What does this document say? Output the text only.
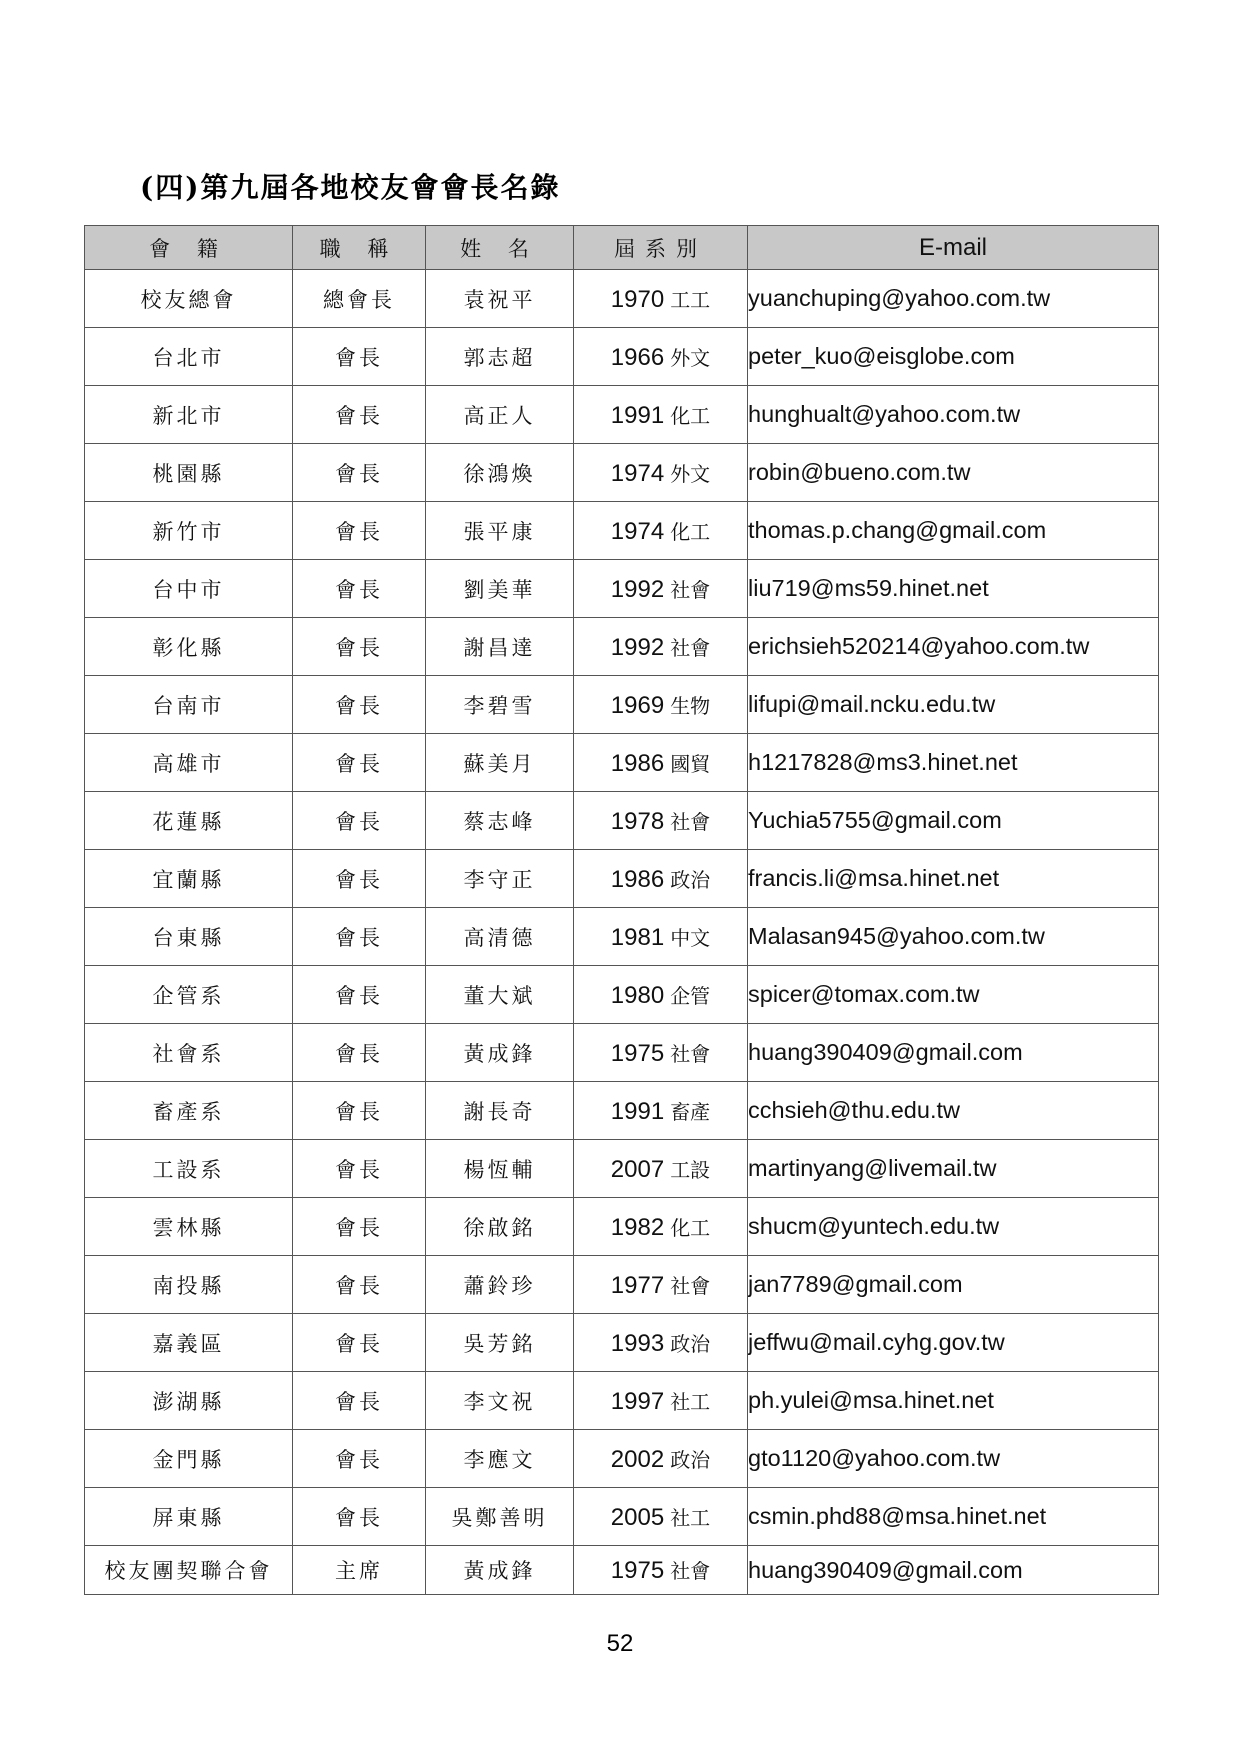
(四)第九屆各地校友會會長名錄
會 籍	職 稱	姓 名	屆系別	E-mail
校友總會	總會長	袁祝平	1970 工工	yuanchuping@yahoo.com.tw
台北市	會長	郭志超	1966 外文	peter_kuo@eisglobe.com
新北市	會長	高正人	1991 化工	hunghualt@yahoo.com.tw
桃園縣	會長	徐鴻煥	1974 外文	robin@bueno.com.tw
新竹市	會長	張平康	1974 化工	thomas.p.chang@gmail.com
台中市	會長	劉美華	1992 社會	liu719@ms59.hinet.net
彰化縣	會長	謝昌達	1992 社會	erichsieh520214@yahoo.com.tw
台南市	會長	李碧雪	1969 生物	lifupi@mail.ncku.edu.tw
高雄市	會長	蘇美月	1986 國貿	h1217828@ms3.hinet.net
花蓮縣	會長	蔡志峰	1978 社會	Yuchia5755@gmail.com
宜蘭縣	會長	李守正	1986 政治	francis.li@msa.hinet.net
台東縣	會長	高清德	1981 中文	Malasan945@yahoo.com.tw
企管系	會長	董大斌	1980 企管	spicer@tomax.com.tw
社會系	會長	黃成鋒	1975 社會	huang390409@gmail.com
畜產系	會長	謝長奇	1991 畜產	cchsieh@thu.edu.tw
工設系	會長	楊恆輔	2007 工設	martinyang@livemail.tw
雲林縣	會長	徐啟銘	1982 化工	shucm@yuntech.edu.tw
南投縣	會長	蕭鈴珍	1977 社會	jan7789@gmail.com
嘉義區	會長	吳芳銘	1993 政治	jeffwu@mail.cyhg.gov.tw
澎湖縣	會長	李文祝	1997 社工	ph.yulei@msa.hinet.net
金門縣	會長	李應文	2002 政治	gto1120@yahoo.com.tw
屏東縣	會長	吳鄭善明	2005 社工	csmin.phd88@msa.hinet.net
校友團契聯合會	主席	黃成鋒	1975 社會	huang390409@gmail.com
52
